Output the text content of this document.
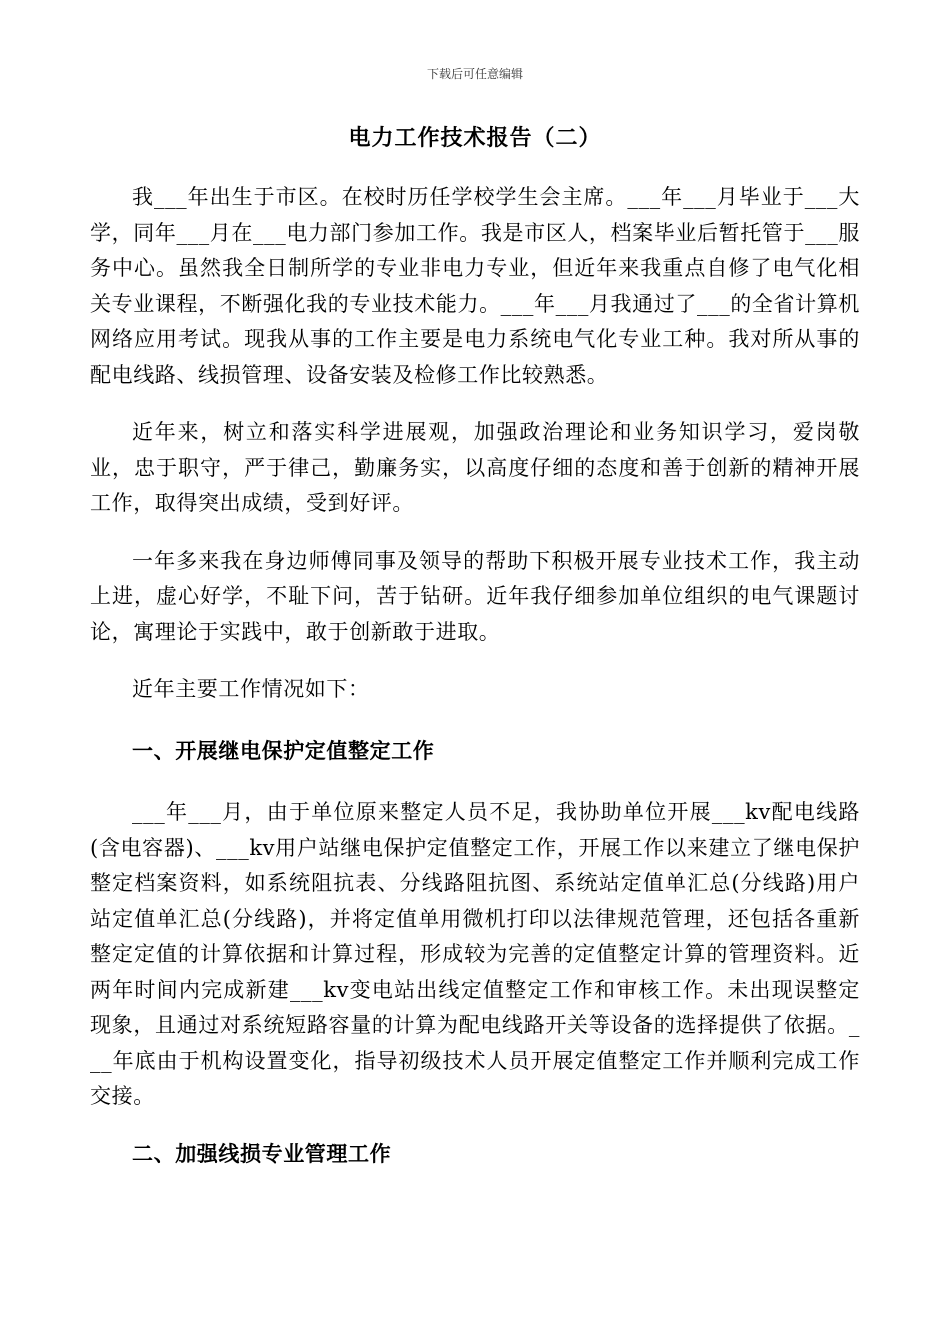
下载后可任意编辑
电力工作技术报告（二）

我___年出生于市区。在校时历任学校学生会主席。___年___月毕业于___大学，同年___月在___电力部门参加工作。我是市区人，档案毕业后暂托管于___服务中心。虽然我全日制所学的专业非电力专业，但近年来我重点自修了电气化相关专业课程，不断强化我的专业技术能力。___年___月我通过了___的全省计算机网络应用考试。现我从事的工作主要是电力系统电气化专业工种。我对所从事的配电线路、线损管理、设备安装及检修工作比较熟悉。

近年来，树立和落实科学进展观，加强政治理论和业务知识学习，爱岗敬业，忠于职守，严于律己，勤廉务实，以高度仔细的态度和善于创新的精神开展工作，取得突出成绩，受到好评。

一年多来我在身边师傅同事及领导的帮助下积极开展专业技术工作，我主动上进，虚心好学，不耻下问，苦于钻研。近年我仔细参加单位组织的电气课题讨论，寓理论于实践中，敢于创新敢于进取。

近年主要工作情况如下：

一、开展继电保护定值整定工作

___年___月，由于单位原来整定人员不足，我协助单位开展___kv配电线路(含电容器)、___kv用户站继电保护定值整定工作，开展工作以来建立了继电保护整定档案资料，如系统阻抗表、分线路阻抗图、系统站定值单汇总(分线路)用户站定值单汇总(分线路)，并将定值单用微机打印以法律规范管理，还包括各重新整定定值的计算依据和计算过程，形成较为完善的定值整定计算的管理资料。近两年时间内完成新建___kv变电站出线定值整定工作和审核工作。未出现误整定现象，且通过对系统短路容量的计算为配电线路开关等设备的选择提供了依据。___年底由于机构设置变化，指导初级技术人员开展定值整定工作并顺利完成工作交接。

二、加强线损专业管理工作
